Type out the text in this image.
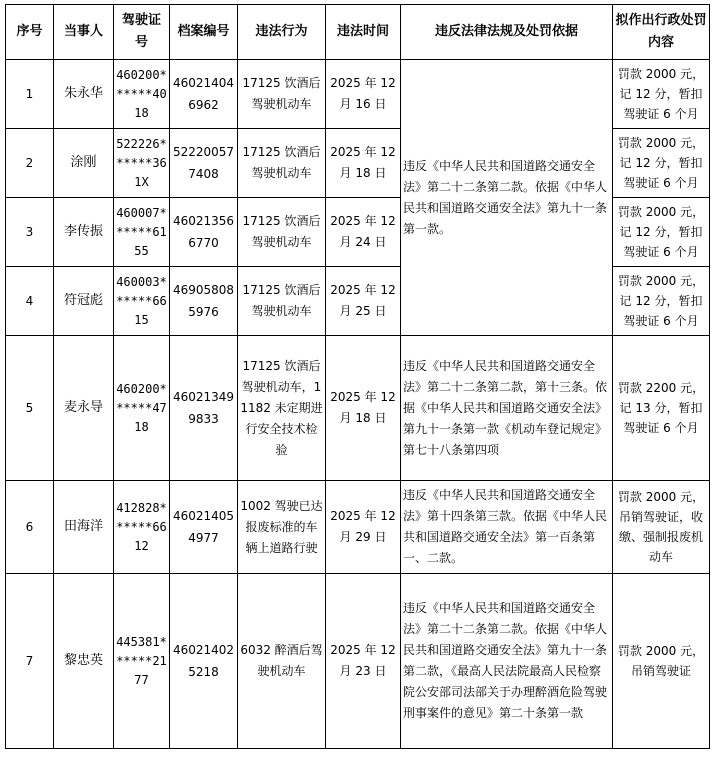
序号	当事人	驾驶证号	档案编号	违法行为	违法时间	违反法律法规及处罚依据	拟作出行政处罚内容
1	朱永华	460200******4018	460214046962	17125 饮酒后驾驶机动车	2025 年 12 月 16 日	违反《中华人民共和国道路交通安全法》第二十二条第二款。依据《中华人民共和国道路交通安全法》第九十一条第一款。	罚款 2000 元，记 12 分，暂扣驾驶证 6 个月
2	涂刚	522226******361X	522200577408	17125 饮酒后驾驶机动车	2025 年 12 月 18 日		罚款 2000 元，记 12 分，暂扣驾驶证 6 个月
3	李传振	460007******6155	460213566770	17125 饮酒后驾驶机动车	2025 年 12 月 24 日		罚款 2000 元，记 12 分，暂扣驾驶证 6 个月
4	符冠彪	460003******6615	469058085976	17125 饮酒后驾驶机动车	2025 年 12 月 25 日		罚款 2000 元，记 12 分，暂扣驾驶证 6 个月
5	麦永导	460200******4718	460213499833	17125 饮酒后驾驶机动车，11182 未定期进行安全技术检验	2025 年 12 月 18 日	违反《中华人民共和国道路交通安全法》第二十二条第二款，第十三条。依据《中华人民共和国道路交通安全法》第九十一条第一款《机动车登记规定》第七十八条第四项	罚款 2200 元，记 13 分，暂扣驾驶证 6 个月
6	田海洋	412828******6612	460214054977	1002 驾驶已达报废标准的车辆上道路行驶	2025 年 12 月 29 日	违反《中华人民共和国道路交通安全法》第十四条第三款。依据《中华人民共和国道路交通安全法》第一百条第一、二款。	罚款 2000 元，吊销驾驶证，收缴、强制报废机动车
7	黎忠英	445381******2177	460214025218	6032 醉酒后驾驶机动车	2025 年 12 月 23 日	违反《中华人民共和国道路交通安全法》第二十二条第二款。依据《中华人民共和国道路交通安全法》第九十一条第二款，《最高人民法院最高人民检察院公安部司法部关于办理醉酒危险驾驶刑事案件的意见》第二十条第一款	罚款 2000 元，吊销驾驶证
